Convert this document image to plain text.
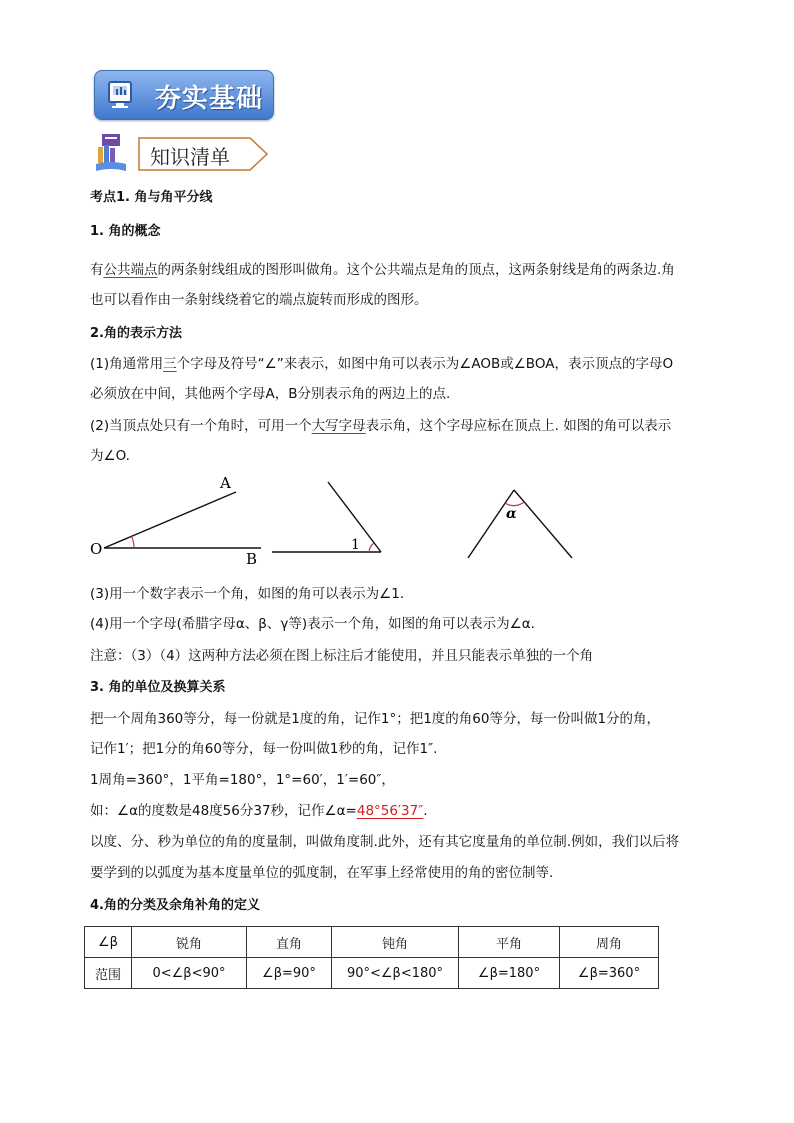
夯实基础
知识清单
考点1. 角与角平分线
1. 角的概念
有公共端点的两条射线组成的图形叫做角。这个公共端点是角的顶点，这两条射线是角的两条边.角
也可以看作由一条射线绕着它的端点旋转而形成的图形。
2.角的表示方法
(1)角通常用三个字母及符号“∠”来表示，如图中角可以表示为∠AOB或∠BOA，表示顶点的字母O
必须放在中间，其他两个字母A，B分别表示角的两边上的点.
(2)当顶点处只有一个角时，可用一个大写字母表示角，这个字母应标在顶点上. 如图的角可以表示
为∠O.
O
A
B
1
α
(3)用一个数字表示一个角，如图的角可以表示为∠1.
(4)用一个字母(希腊字母α、β、γ等)表示一个角，如图的角可以表示为∠α.
注意：（3）（4）这两种方法必须在图上标注后才能使用，并且只能表示单独的一个角
3. 角的单位及换算关系
把一个周角360等分，每一份就是1度的角，记作1°；把1度的角60等分，每一份叫做1分的角，
记作1′；把1分的角60等分，每一份叫做1秒的角，记作1″.
1周角=360°，1平角=180°，1°=60′，1′=60″，
如：∠α的度数是48度56分37秒，记作∠α=48°56′37″.
以度、分、秒为单位的角的度量制，叫做角度制.此外，还有其它度量角的单位制.例如，我们以后将
要学到的以弧度为基本度量单位的弧度制，在军事上经常使用的角的密位制等.
4.角的分类及余角补角的定义
∠β	锐角	直角	钝角	平角	周角
范围	0<∠β<90°	∠β=90°	90°<∠β<180°	∠β=180°	∠β=360°
